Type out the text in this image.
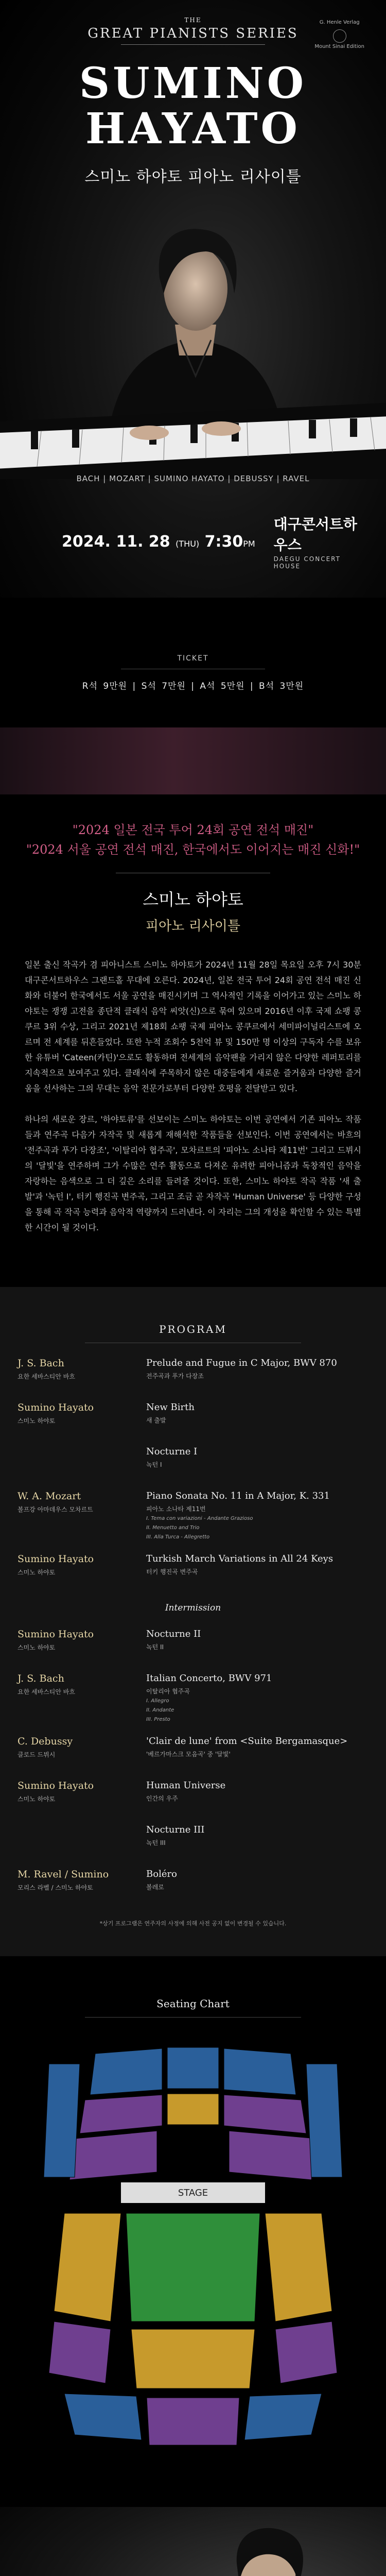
THE
GREAT PIANISTS SERIES
G. Henle Verlag
Mount Sinai Edition
SUMINO
HAYATO
스미노 하야토 피아노 리사이틀
BACH | MOZART | SUMINO HAYATO | DEBUSSY | RAVEL
2024. 11. 28 (THU) 7:30PM
대구콘서트하우스
DAEGU CONCERT HOUSE
TICKET
R석 9만원 | S석 7만원 | A석 5만원 | B석 3만원
"2024 일본 전국 투어 24회 공연 전석 매진"
"2024 서울 공연 전석 매진, 한국에서도 이어지는 매진 신화!"
스미노 하야토
피아노 리사이틀

일본 출신 작곡가 겸 피아니스트 스미노 하야토가 2024년 11월 28일 목요일 오후 7시 30분 대구콘서트하우스 그랜드홀 무대에 오른다. 2024년, 일본 전국 투어 24회 공연 전석 매진 신화와 더불어 한국에서도 서울 공연을 매진시키며 그 역사적인 기록을 이어가고 있는 스미노 하야토는 쟁쟁 고전을 종단적 클래식 음악 씨앗(신)으로 묶여 있으며 2016년 이후 국제 쇼팽 콩쿠르 3위 수상, 그리고 2021년 제18회 쇼팽 국제 피아노 콩쿠르에서 세미파이널리스트에 오르며 전 세계를 뒤흔들었다. 또한 누적 조회수 5천억 뷰 및 150만 명 이상의 구독자 수를 보유한 유튜버 'Cateen(카틴)'으로도 활동하며 전세계의 음악팬을 가리지 않은 다양한 레퍼토리를 지속적으로 보여주고 있다. 클래식에 주목하지 않은 대중들에게 새로운 즐거움과 다양한 즐거움을 선사하는 그의 무대는 음악 전문가로부터 다양한 호평을 전달받고 있다.

하나의 새로운 장르, '하야토류'를 선보이는 스미노 하야토는 이번 공연에서 기존 피아노 작품들과 연주곡 다음가 자작곡 및 새롭게 재해석한 작품들을 선보인다. 이번 공연에서는 바흐의 '전주곡과 푸가 다장조', '이탈리아 협주곡', 모차르트의 '피아노 소나타 제11번' 그리고 드뷔시의 '달빛'을 연주하며 그가 수많은 연주 활동으로 다져온 유려한 피아니즘과 독창적인 음악을 자랑하는 음색으로 그 더 깊은 소리를 들려줄 것이다. 또한, 스미노 하야토 작곡 작품 '새 출발'과 '녹턴 I', 터키 행진곡 변주곡, 그리고 조금 곧 자작곡 'Human Universe' 등 다양한 구성을 통해 곡 작곡 능력과 음악적 역량까지 드러낸다. 이 자리는 그의 개성을 확인할 수 있는 특별한 시간이 될 것이다.

PROGRAM
J. S. Bach
요한 세바스티안 바흐
Prelude and Fugue in C Major, BWV 870
전주곡과 푸가 다장조
Sumino Hayato
스미노 하야토
New Birth
새 출발
Nocturne I
녹턴 I
W. A. Mozart
볼프강 아마데우스 모차르트
Piano Sonata No. 11 in A Major, K. 331
피아노 소나타 제11번
I. Tema con variazioni - Andante Grazioso
II. Menuetto and Trio
III. Alla Turca - Allegretto
Sumino Hayato
스미노 하야토
Turkish March Variations in All 24 Keys
터키 행진곡 변주곡
Intermission
Sumino Hayato
스미노 하야토
Nocturne II
녹턴 II
J. S. Bach
요한 세바스티안 바흐
Italian Concerto, BWV 971
이탈리아 협주곡
I. Allegro
II. Andante
III. Presto
C. Debussy
클로드 드뷔시
'Clair de lune' from <Suite Bergamasque>
'베르가마스크 모음곡' 중 '달빛'
Sumino Hayato
스미노 하야토
Human Universe
인간의 우주
Nocturne III
녹턴 III
M. Ravel / Sumino
모리스 라벨 / 스미노 하야토
Boléro
볼레로
*상기 프로그램은 연주자의 사정에 의해 사전 공지 없이 변경될 수 있습니다.
Seating Chart
STAGE
